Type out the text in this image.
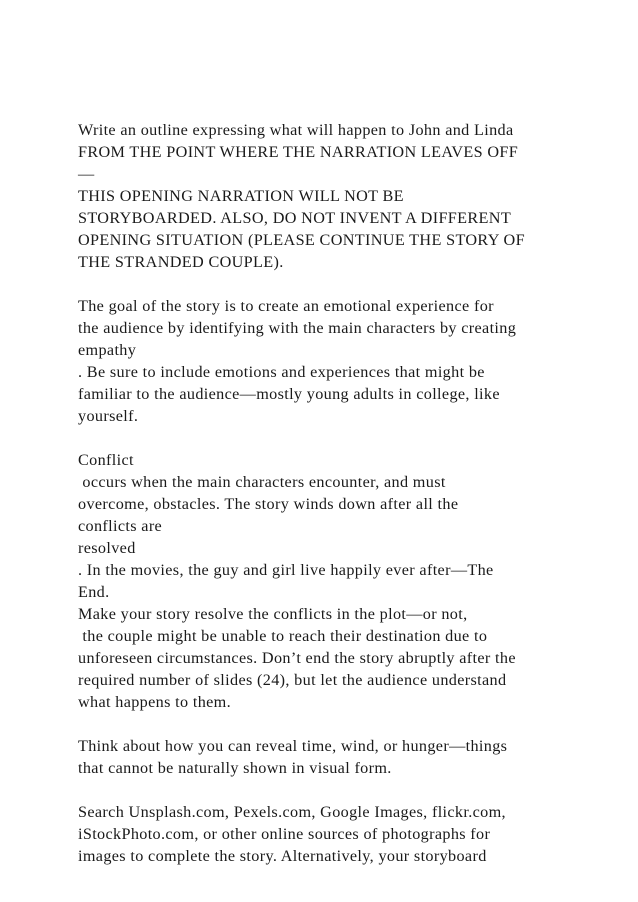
Write an outline expressing what will happen to John and Linda
FROM THE POINT WHERE THE NARRATION LEAVES OFF
—
THIS OPENING NARRATION WILL NOT BE
STORYBOARDED. ALSO, DO NOT INVENT A DIFFERENT
OPENING SITUATION (PLEASE CONTINUE THE STORY OF
THE STRANDED COUPLE).
The goal of the story is to create an emotional experience for
the audience by identifying with the main characters by creating
empathy
. Be sure to include emotions and experiences that might be
familiar to the audience—mostly young adults in college, like
yourself.
Conflict
occurs when the main characters encounter, and must
overcome, obstacles. The story winds down after all the
conflicts are
resolved
. In the movies, the guy and girl live happily ever after—The
End.
Make your story resolve the conflicts in the plot—or not,
the couple might be unable to reach their destination due to
unforeseen circumstances. Don’t end the story abruptly after the
required number of slides (24), but let the audience understand
what happens to them.
Think about how you can reveal time, wind, or hunger—things
that cannot be naturally shown in visual form.
Search Unsplash.com, Pexels.com, Google Images, flickr.com,
iStockPhoto.com, or other online sources of photographs for
images to complete the story. Alternatively, your storyboard
